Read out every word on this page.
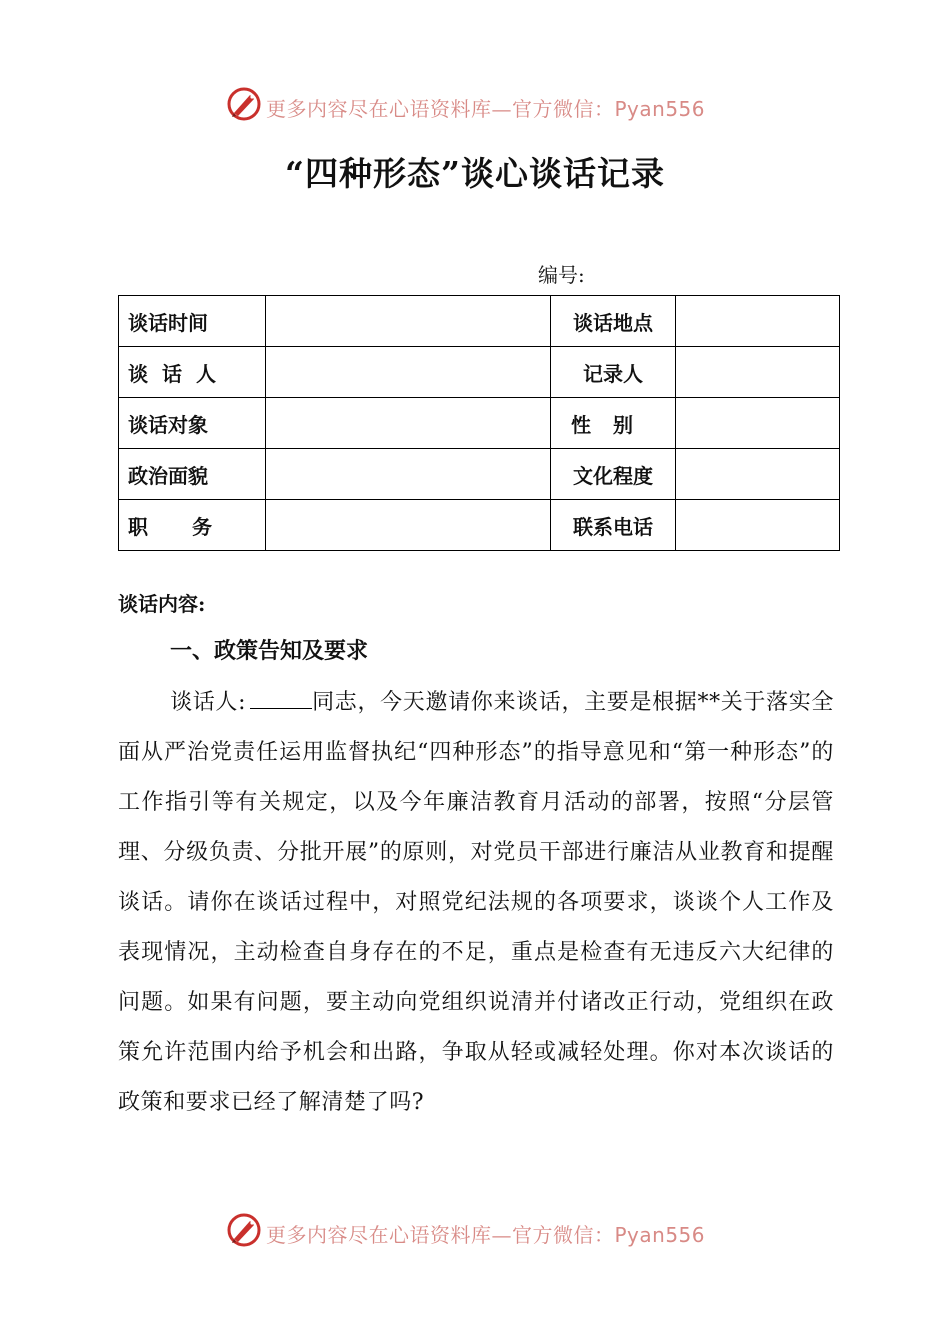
更多内容尽在心语资料库—官方微信：Pyan556
“四种形态”谈心谈话记录
编号:
谈话时间		谈话地点	
谈话人		记录人	
谈话对象		性别	
政治面貌		文化程度	
职务		联系电话	
谈话内容:
一、政策告知及要求

谈话人:	同志，今天邀请你来谈话，主要是根据**关于落实全面从严治党责任运用监督执纪“四种形态”的指导意见和“第一种形态”的工作指引等有关规定，以及今年廉洁教育月活动的部署，按照“分层管理、分级负责、分批开展”的原则，对党员干部进行廉洁从业教育和提醒谈话。请你在谈话过程中，对照党纪法规的各项要求，谈谈个人工作及表现情况，主动检查自身存在的不足，重点是检查有无违反六大纪律的问题。如果有问题，要主动向党组织说清并付诸改正行动，党组织在政策允许范围内给予机会和出路，争取从轻或减轻处理。你对本次谈话的政策和要求已经了解清楚了吗?

更多内容尽在心语资料库—官方微信：Pyan556
